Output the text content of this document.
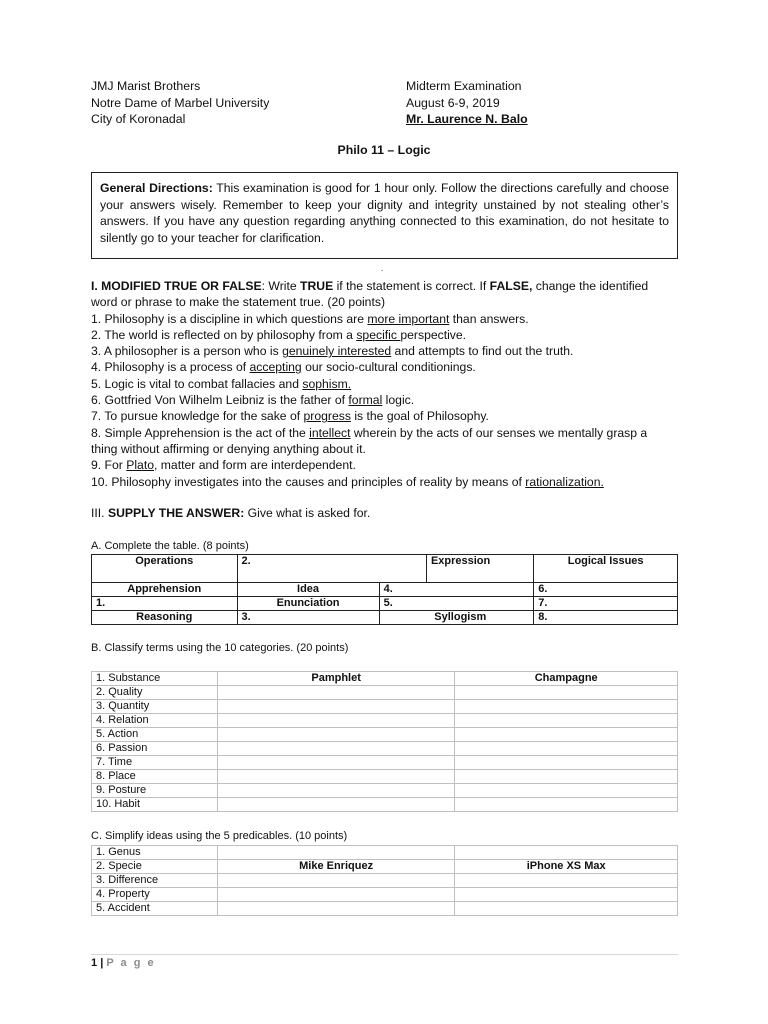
JMJ Marist Brothers
Notre Dame of Marbel University
City of Koronadal
Midterm Examination
August 6-9, 2019
Mr. Laurence N. Balo
Philo 11 – Logic

General Directions: This examination is good for 1 hour only. Follow the directions carefully and choose your answers wisely. Remember to keep your dignity and integrity unstained by not stealing other’s answers. If you have any question regarding anything connected to this examination, do not hesitate to silently go to your teacher for clarification.

.
I. MODIFIED TRUE OR FALSE: Write TRUE if the statement is correct. If FALSE, change the identified word or phrase to make the statement true. (20 points)
1. Philosophy is a discipline in which questions are more important than answers.
2. The world is reflected on by philosophy from a specific perspective.
3. A philosopher is a person who is genuinely interested and attempts to find out the truth.
4. Philosophy is a process of accepting our socio-cultural conditionings.
5. Logic is vital to combat fallacies and sophism.
6. Gottfried Von Wilhelm Leibniz is the father of formal logic.
7. To pursue knowledge for the sake of progress is the goal of Philosophy.
8. Simple Apprehension is the act of the intellect wherein by the acts of our senses we mentally grasp a thing without affirming or denying anything about it.
9. For Plato, matter and form are interdependent.
10. Philosophy investigates into the causes and principles of reality by means of rationalization.
III. SUPPLY THE ANSWER: Give what is asked for.
A. Complete the table. (8 points)
Operations	2.		Expression	Logical Issues
Apprehension	Idea	4.		6.
1.	Enunciation	5.		7.
Reasoning	3.	Syllogism		8.
B. Classify terms using the 10 categories. (20 points)
1. Substance	Pamphlet	Champagne
2. Quality		
3. Quantity		
4. Relation		
5. Action		
6. Passion		
7. Time		
8. Place		
9. Posture		
10. Habit		
C. Simplify ideas using the 5 predicables. (10 points)
1. Genus		
2. Specie	Mike Enriquez	iPhone XS Max
3. Difference		
4. Property		
5. Accident		
1 | P a g e
